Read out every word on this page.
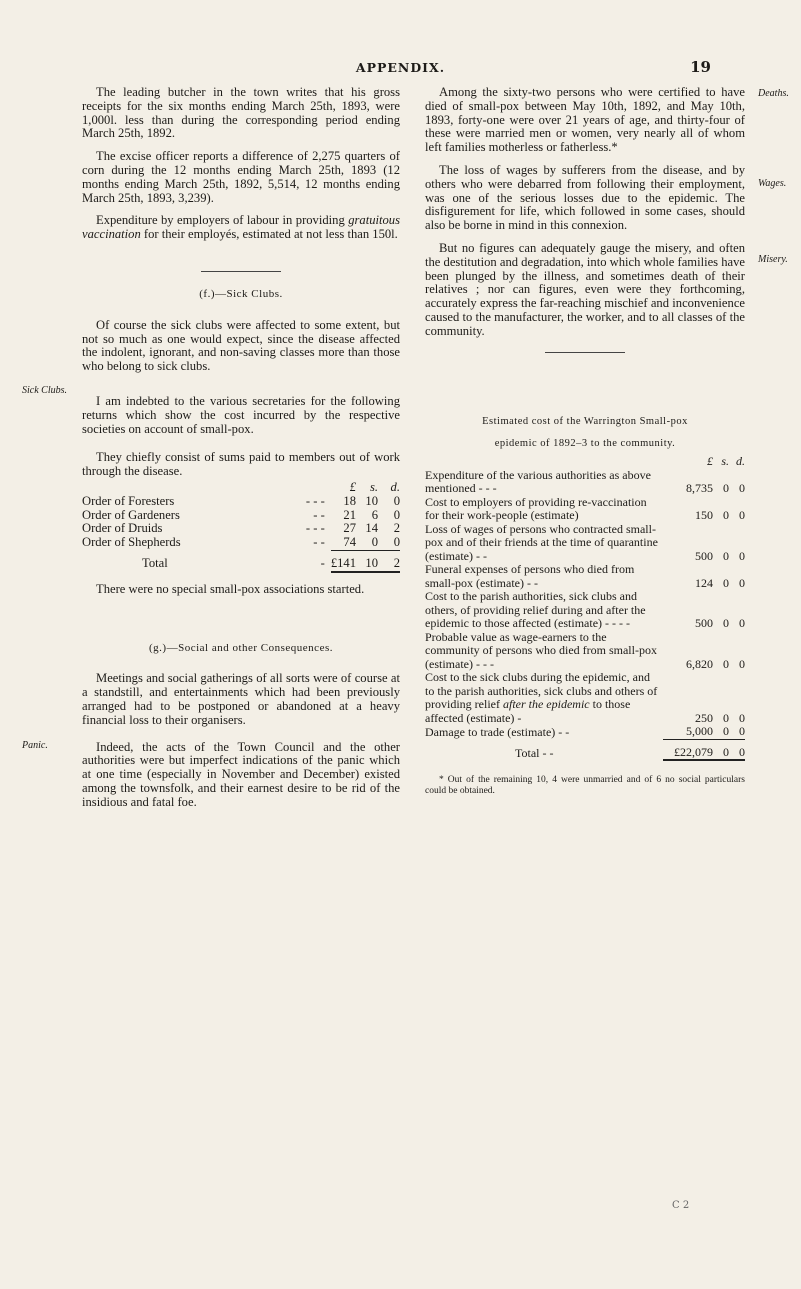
APPENDIX.	19

The leading butcher in the town writes that his gross receipts for the six months ending March 25th, 1893, were 1,000l. less than during the corresponding period ending March 25th, 1892.

The excise officer reports a difference of 2,275 quarters of corn during the 12 months ending March 25th, 1893 (12 months ending March 25th, 1892, 5,514, 12 months ending March 25th, 1893, 3,239).

Expenditure by employers of labour in providing gratuitous vaccination for their employés, estimated at not less than 150l.

(f.)—Sick Clubs.

Of course the sick clubs were affected to some extent, but not so much as one would expect, since the disease affected the indolent, ignorant, and non-saving classes more than those who belong to sick clubs.

I am indebted to the various secretaries for the following returns which show the cost incurred by the respective societies on account of small-pox.

They chiefly consist of sums paid to members out of work through the disease.

		£	s.	d.
Order of Foresters	- - -	18	10	0
Order of Gardeners	- -	21	6	0
Order of Druids	- - -	27	14	2
Order of Shepherds	- -	74	0	0
Total	-	£141	10	2

There were no special small-pox associations started.

(g.)—Social and other Consequences.

Meetings and social gatherings of all sorts were of course at a standstill, and entertainments which had been previously arranged had to be postponed or abandoned at a heavy financial loss to their organisers.

Indeed, the acts of the Town Council and the other authorities were but imperfect indications of the panic which at one time (especially in November and December) existed among the townsfolk, and their earnest desire to be rid of the insidious and fatal foe.

Sick Clubs.
Panic.
Deaths.
Wages.
Misery.

Among the sixty-two persons who were certified to have died of small-pox between May 10th, 1892, and May 10th, 1893, forty-one were over 21 years of age, and thirty-four of these were married men or women, very nearly all of whom left families motherless or fatherless.*

The loss of wages by sufferers from the disease, and by others who were debarred from following their employment, was one of the serious losses due to the epidemic. The disfigurement for life, which followed in some cases, should also be borne in mind in this connexion.

But no figures can adequately gauge the misery, and often the destitution and degradation, into which whole families have been plunged by the illness, and sometimes death of their relatives ; nor can figures, even were they forthcoming, accurately express the far-reaching mischief and inconvenience caused to the manufacturer, the worker, and to all classes of the community.

Estimated cost of the Warrington Small-pox

epidemic of 1892–3 to the community.

	£	s.	d.
Expenditure of the various authorities as above mentioned - - -	8,735	0	0
Cost to employers of providing re-vaccination for their work-people (estimate)	150	0	0
Loss of wages of persons who contracted small-pox and of their friends at the time of quarantine (estimate) - -	500	0	0
Funeral expenses of persons who died from small-pox (estimate) - -	124	0	0
Cost to the parish authorities, sick clubs and others, of providing relief during and after the epidemic to those affected (estimate) - - - -	500	0	0
Probable value as wage-earners to the community of persons who died from small-pox (estimate) - - -	6,820	0	0
Cost to the sick clubs during the epidemic, and to the parish authorities, sick clubs and others of providing relief after the epidemic to those affected (estimate) -	250	0	0
Damage to trade (estimate) - -	5,000	0	0
Total - -	£22,079	0	0

* Out of the remaining 10, 4 were unmarried and of 6 no social particulars could be obtained.

C 2
